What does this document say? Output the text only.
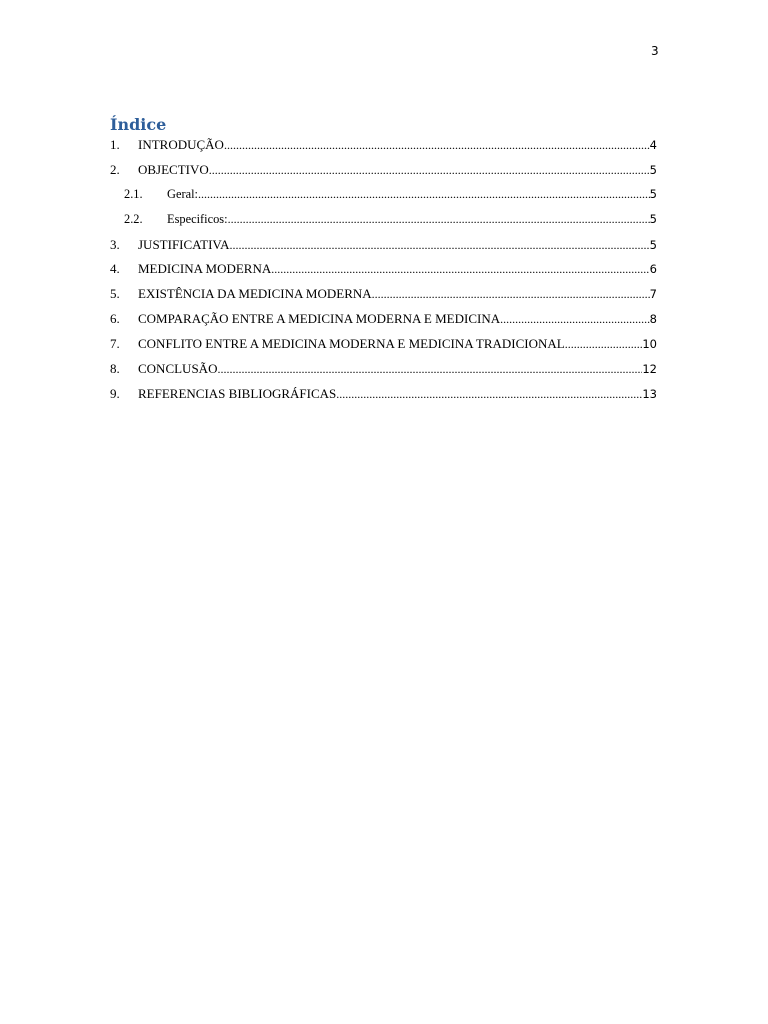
3
Índice
1.	INTRODUÇÃO .....	4
2.	OBJECTIVO .....	5
2.1.	Geral: .....	5
2.2.	Especificos: .....	5
3.	JUSTIFICATIVA .....	5
4.	MEDICINA MODERNA .....	6
5.	EXISTÊNCIA DA MEDICINA MODERNA .....	7
6.	COMPARAÇÃO ENTRE A MEDICINA MODERNA E MEDICINA .....	8
7.	CONFLITO ENTRE A MEDICINA MODERNA E MEDICINA TRADICIONAL .....	10
8.	CONCLUSÃO .....	12
9.	REFERENCIAS BIBLIOGRÁFICAS .....	13
